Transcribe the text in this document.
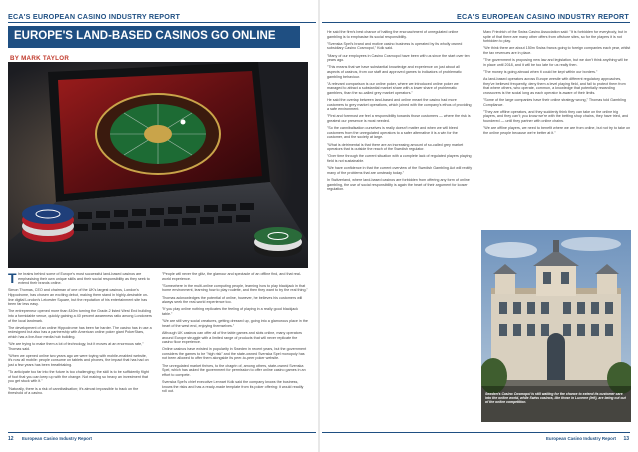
ECA'S EUROPEAN CASINO INDUSTRY REPORT
EUROPE'S LAND-BASED CASINOS GO ONLINE
BY MARK TAYLOR

The brains behind some of Europe's most successful land-based casinos are emphasising their own unique skills and their social responsibility as they seek to extend their brands online.

Simon Thomas, CEO and chairman of one of the UK's largest casinos, London's Hippodrome, has chosen an exciting debut, making them stand in highly-desirable on-line digital London's Leicester Square, but the reputation of his entertainment site has been far less easy.

The entrepreneur opened more than £40m turning the Grade-2 listed West End building into a formidable venue, quickly gaining a 40 percent awareness ratio among Londoners of the local landmark.

The development of an online Hippodrome has been far harder. The casino has in use a redesigned but also has a partnership with American online poker giant PokerStars, which has a live-floor media hub building.

"We are trying to make them a lot of technology, but it moves at an enormous rate," Thomas said.

"When we opened online two years ago we were toying with mobile-enabled website, it's now all mobile: people consume on tablets and phones, the impact that has had on just a few years has been breathtaking.

"To anticipate too far into the future is too challenging; the skill is to be sufficiently flight of foot that you can keep up with the change. Not making so heavy an investment that you get stuck with it."

"Naturally, there is a risk of cannibalisation; it's almost impossible to track on the threshold of a casino.

"People will never the glitz, the glamour and spectacle of an offline find, and that real-world experience.

"Somewhere in the multi-online computing people, learning how to play blackjack in that home environment, learning how to play roulette, and then they want to try the real thing."

Thomas acknowledges the potential of online, however, he believes his customers will always seek the real-world experience too.

"If you play online nothing replicates the feeling of playing in a really good blackjack table."

"We are still very social creatures, getting dressed up, going into a glamorous place in the heart of the west end, enjoying themselves."

Although UK casinos can offer all of the table games and slots online, many operators around Europe struggle with a limited range of products that will never replicate the casino floor experience.

Online casinos have existed in popularity in Sweden in recent years, but the government considers the games to be "high risk" and the state-owned Svenska Spel monopoly has not been allowed to offer them alongside its peer-to-peer poker website.

The unregulated market thrives, to the chagrin of, among others, state-owned Svenska Spel, which has asked the government for permission to offer online casino games in an effort to compete.

Svenska Spel's chief executive Lennart Kolk said the company knows the business, knows the risks and has a ready-made template from its poker offering: it would readily roll out.

12 European Casino Industry Report
ECA'S EUROPEAN CASINO INDUSTRY REPORT

He said the firm's best chance of halting the encroachment of unregulated online gambling is to emphasise its social responsibility.

"Svenska Spel's brand and motive casino business is operated by its wholly owned subsidiary Casino Cosmopol," Kolk said.

"Many of our employees in Casino Cosmopol have been with us since the start over ten years ago.

"This means that we have substantial knowledge and experience on just about all aspects of casinos, from our staff and approved games to indicators of problematic gambling behaviour.

"A relevant comparison is our online poker, where we introduced online poker we managed to attract a substantial market share with a lower share of problematic gamblers, than the so-called grey market operators."

He said the overlap between land-based and online meant the casino had more customers to grey market operations, which joined with the company's ethos of providing a safe environment.

"First and foremost we feel a responsibility towards those customers — where the risk is greatest our presence is most needed.

"So the cannibalisation ourselves is really doesn't matter and when we will bleed customers from the unregulated operators to a safer alternative it is a win for the customer, and the society at large.

"What is detrimental is that there are an increasing amount of so-called grey market operators that is outside the reach of the Swedish regulator.

"Over time through the current situation with a complete lack of regulated players playing field is not sustainable.

"We have confidence in that the current overview of the Swedish Gambling Act will rectify many of the problems that are unsteady today."

In Switzerland, where land-based casinos are forbidden from offering any form of online gambling, the use of social responsibility is again the heart of their argument for looser regulation.

Marc Friedrich of the Swiss Casino Association said: "It is forbidden for everybody, but in spite of that there are many other offers from offshore sites, so for the players it is not forbidden to play.

"We think there are about 150m Swiss francs going to foreign companies each year, whilst the tax revenues are in place.

"The government is proposing new law and legislation, but we don't think anything will be in place until 2018, and it will be too late for us really then.

"The money is going abroad when it could be kept within our borders."

As land-based operators across Europe wrestle with different regulatory approaches, they've believed frequently, deny them a level playing field, and fail to protect them from that where others, who operate, common, a knowledge that potentially rewarding crossovers is the social long as each operator is aware of their limits.

"Some of the large companies have their online strategy wrong," Thomas told Gambling Compliance.

"They are offline operators, and they suddenly think they can take on the online big players, and they can't; you know we're with the betting shop chains, they have tried, and foundered — until they partner with online chains.

"We are offline players, we need to benefit where we are from online, but not try to take on the online people because we're better at it."

Sweden's Casino Cosmopol is still waiting for the chance to extend its customer care into the online world, while Swiss casinos, like those in Lucerne (left), are being cut out of the online competition.
European Casino Industry Report 13
